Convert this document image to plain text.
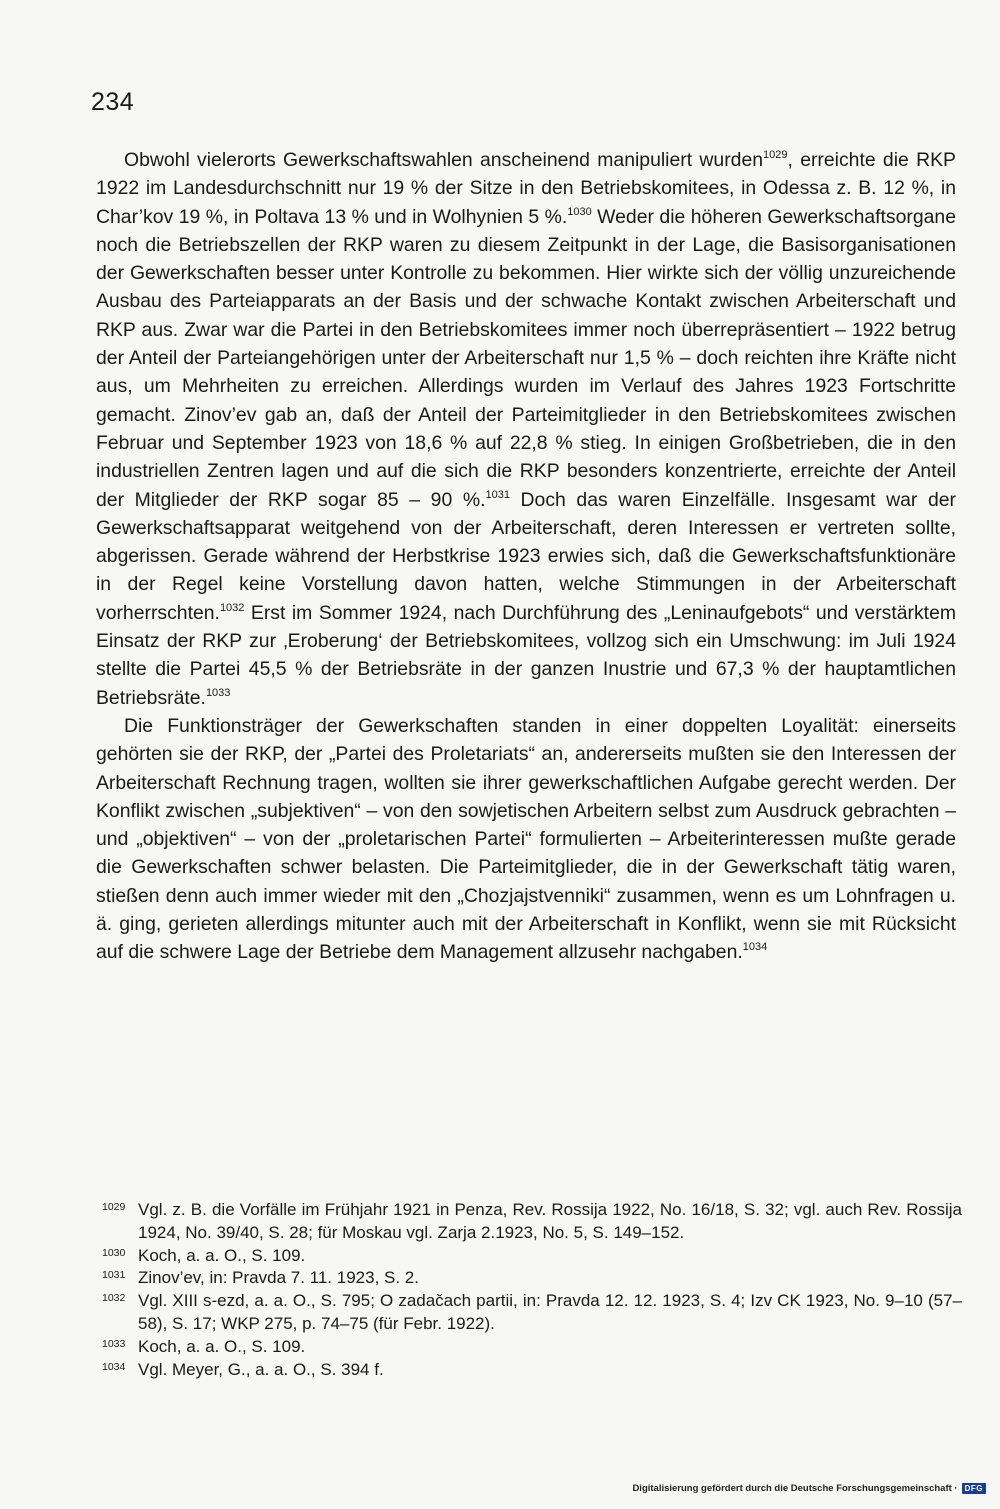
234

Obwohl vielerorts Gewerkschaftswahlen anscheinend manipuliert wurden$^{1029}$, erreichte die RKP 1922 im Landesdurchschnitt nur 19 % der Sitze in den Betriebskomitees, in Odessa z. B. 12 %, in Char’kov 19 %, in Poltava 13 % und in Wolhynien 5 %.$^{1030}$ Weder die höheren Gewerkschaftsorgane noch die Betriebszellen der RKP waren zu diesem Zeitpunkt in der Lage, die Basisorganisationen der Gewerkschaften besser unter Kontrolle zu bekommen. Hier wirkte sich der völlig unzureichende Ausbau des Parteiapparats an der Basis und der schwache Kontakt zwischen Arbeiterschaft und RKP aus. Zwar war die Partei in den Betriebskomitees immer noch überrepräsentiert – 1922 betrug der Anteil der Parteiangehörigen unter der Arbeiterschaft nur 1,5 % – doch reichten ihre Kräfte nicht aus, um Mehrheiten zu erreichen. Allerdings wurden im Verlauf des Jahres 1923 Fortschritte gemacht. Zinov’ev gab an, daß der Anteil der Parteimitglieder in den Betriebskomitees zwischen Februar und September 1923 von 18,6 % auf 22,8 % stieg. In einigen Großbetrieben, die in den industriellen Zentren lagen und auf die sich die RKP besonders konzentrierte, erreichte der Anteil der Mitglieder der RKP sogar 85 – 90 %.$^{1031}$ Doch das waren Einzelfälle. Insgesamt war der Gewerkschaftsapparat weitgehend von der Arbeiterschaft, deren Interessen er vertreten sollte, abgerissen. Gerade während der Herbstkrise 1923 erwies sich, daß die Gewerkschaftsfunktionäre in der Regel keine Vorstellung davon hatten, welche Stimmungen in der Arbeiterschaft vorherrschten.$^{1032}$ Erst im Sommer 1924, nach Durchführung des „Leninaufgebots“ und verstärktem Einsatz der RKP zur ‚Eroberung‘ der Betriebskomitees, vollzog sich ein Umschwung: im Juli 1924 stellte die Partei 45,5 % der Betriebsräte in der ganzen Inustrie und 67,3 % der hauptamtlichen Betriebsräte.$^{1033}$

Die Funktionsträger der Gewerkschaften standen in einer doppelten Loyalität: einerseits gehörten sie der RKP, der „Partei des Proletariats“ an, andererseits mußten sie den Interessen der Arbeiterschaft Rechnung tragen, wollten sie ihrer gewerkschaftlichen Aufgabe gerecht werden. Der Konflikt zwischen „subjektiven“ – von den sowjetischen Arbeitern selbst zum Ausdruck gebrachten – und „objektiven“ – von der „proletarischen Partei“ formulierten – Arbeiterinteressen mußte gerade die Gewerkschaften schwer belasten. Die Parteimitglieder, die in der Gewerkschaft tätig waren, stießen denn auch immer wieder mit den „Chozjajstvenniki“ zusammen, wenn es um Lohnfragen u. ä. ging, gerieten allerdings mitunter auch mit der Arbeiterschaft in Konflikt, wenn sie mit Rücksicht auf die schwere Lage der Betriebe dem Management allzusehr nachgaben.$^{1034}$

1029 Vgl. z. B. die Vorfälle im Frühjahr 1921 in Penza, Rev. Rossija 1922, No. 16/18, S. 32; vgl. auch Rev. Rossija 1924, No. 39/40, S. 28; für Moskau vgl. Zarja 2.1923, No. 5, S. 149–152.
1030 Koch, a. a. O., S. 109.
1031 Zinov’ev, in: Pravda 7. 11. 1923, S. 2.
1032 Vgl. XIII s-ezd, a. a. O., S. 795; O zadačach partii, in: Pravda 12. 12. 1923, S. 4; Izv CK 1923, No. 9–10 (57–58), S. 17; WKP 275, p. 74–75 (für Febr. 1922).
1033 Koch, a. a. O., S. 109.
1034 Vgl. Meyer, G., a. a. O., S. 394 f.
Digitalisierung gefördert durch die Deutsche Forschungsgemeinschaft · DFG
